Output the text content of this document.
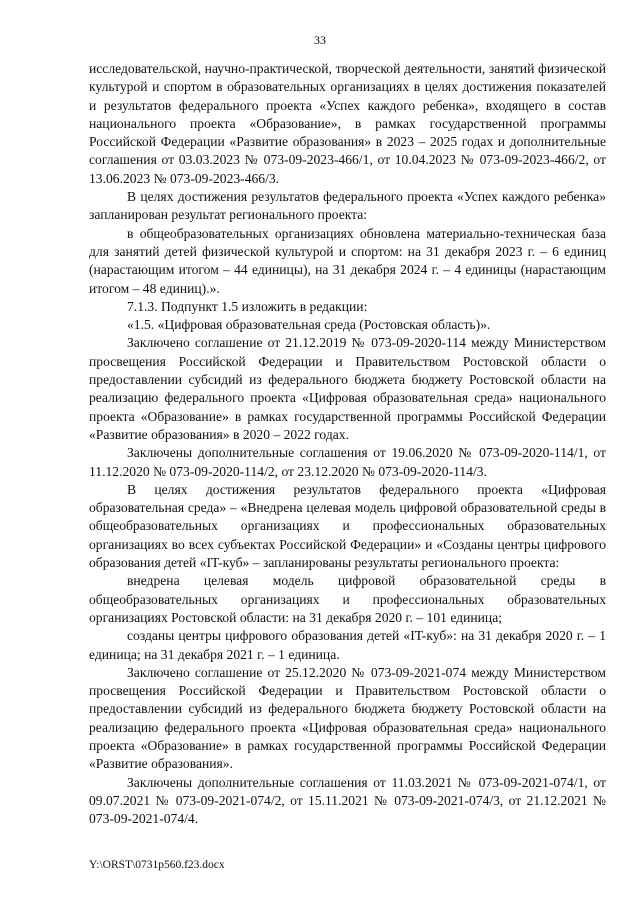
33

исследовательской, научно-практической, творческой деятельности, занятий физической культурой и спортом в образовательных организациях в целях достижения показателей и результатов федерального проекта «Успех каждого ребенка», входящего в состав национального проекта «Образование», в рамках государственной программы Российской Федерации «Развитие образования» в 2023 – 2025 годах и дополнительные соглашения от 03.03.2023 № 073-09-2023-466/1, от 10.04.2023 № 073-09-2023-466/2, от 13.06.2023 № 073-09-2023-466/3.

В целях достижения результатов федерального проекта «Успех каждого ребенка» запланирован результат регионального проекта:

в общеобразовательных организациях обновлена материально-техническая база для занятий детей физической культурой и спортом: на 31 декабря 2023 г. – 6 единиц (нарастающим итогом – 44 единицы), на 31 декабря 2024 г. – 4 единицы (нарастающим итогом – 48 единиц).».

7.1.3. Подпункт 1.5 изложить в редакции:

«1.5. «Цифровая образовательная среда (Ростовская область)».

Заключено соглашение от 21.12.2019 № 073-09-2020-114 между Министерством просвещения Российской Федерации и Правительством Ростовской области о предоставлении субсидий из федерального бюджета бюджету Ростовской области на реализацию федерального проекта «Цифровая образовательная среда» национального проекта «Образование» в рамках государственной программы Российской Федерации «Развитие образования» в 2020 – 2022 годах.

Заключены дополнительные соглашения от 19.06.2020 № 073-09-2020-114/1, от 11.12.2020 № 073-09-2020-114/2, от 23.12.2020 № 073-09-2020-114/3.

В целях достижения результатов федерального проекта «Цифровая образовательная среда» – «Внедрена целевая модель цифровой образовательной среды в общеобразовательных организациях и профессиональных образовательных организациях во всех субъектах Российской Федерации» и «Созданы центры цифрового образования детей «IT-куб» – запланированы результаты регионального проекта:

внедрена целевая модель цифровой образовательной среды в общеобразовательных организациях и профессиональных образовательных организациях Ростовской области: на 31 декабря 2020 г. – 101 единица;

созданы центры цифрового образования детей «IT-куб»: на 31 декабря 2020 г. – 1 единица; на 31 декабря 2021 г. – 1 единица.

Заключено соглашение от 25.12.2020 № 073-09-2021-074 между Министерством просвещения Российской Федерации и Правительством Ростовской области о предоставлении субсидий из федерального бюджета бюджету Ростовской области на реализацию федерального проекта «Цифровая образовательная среда» национального проекта «Образование» в рамках государственной программы Российской Федерации «Развитие образования».

Заключены дополнительные соглашения от 11.03.2021 № 073-09-2021-074/1, от 09.07.2021 № 073-09-2021-074/2, от 15.11.2021 № 073-09-2021-074/3, от 21.12.2021 № 073-09-2021-074/4.

Y:\ORST\0731p560.f23.docx
